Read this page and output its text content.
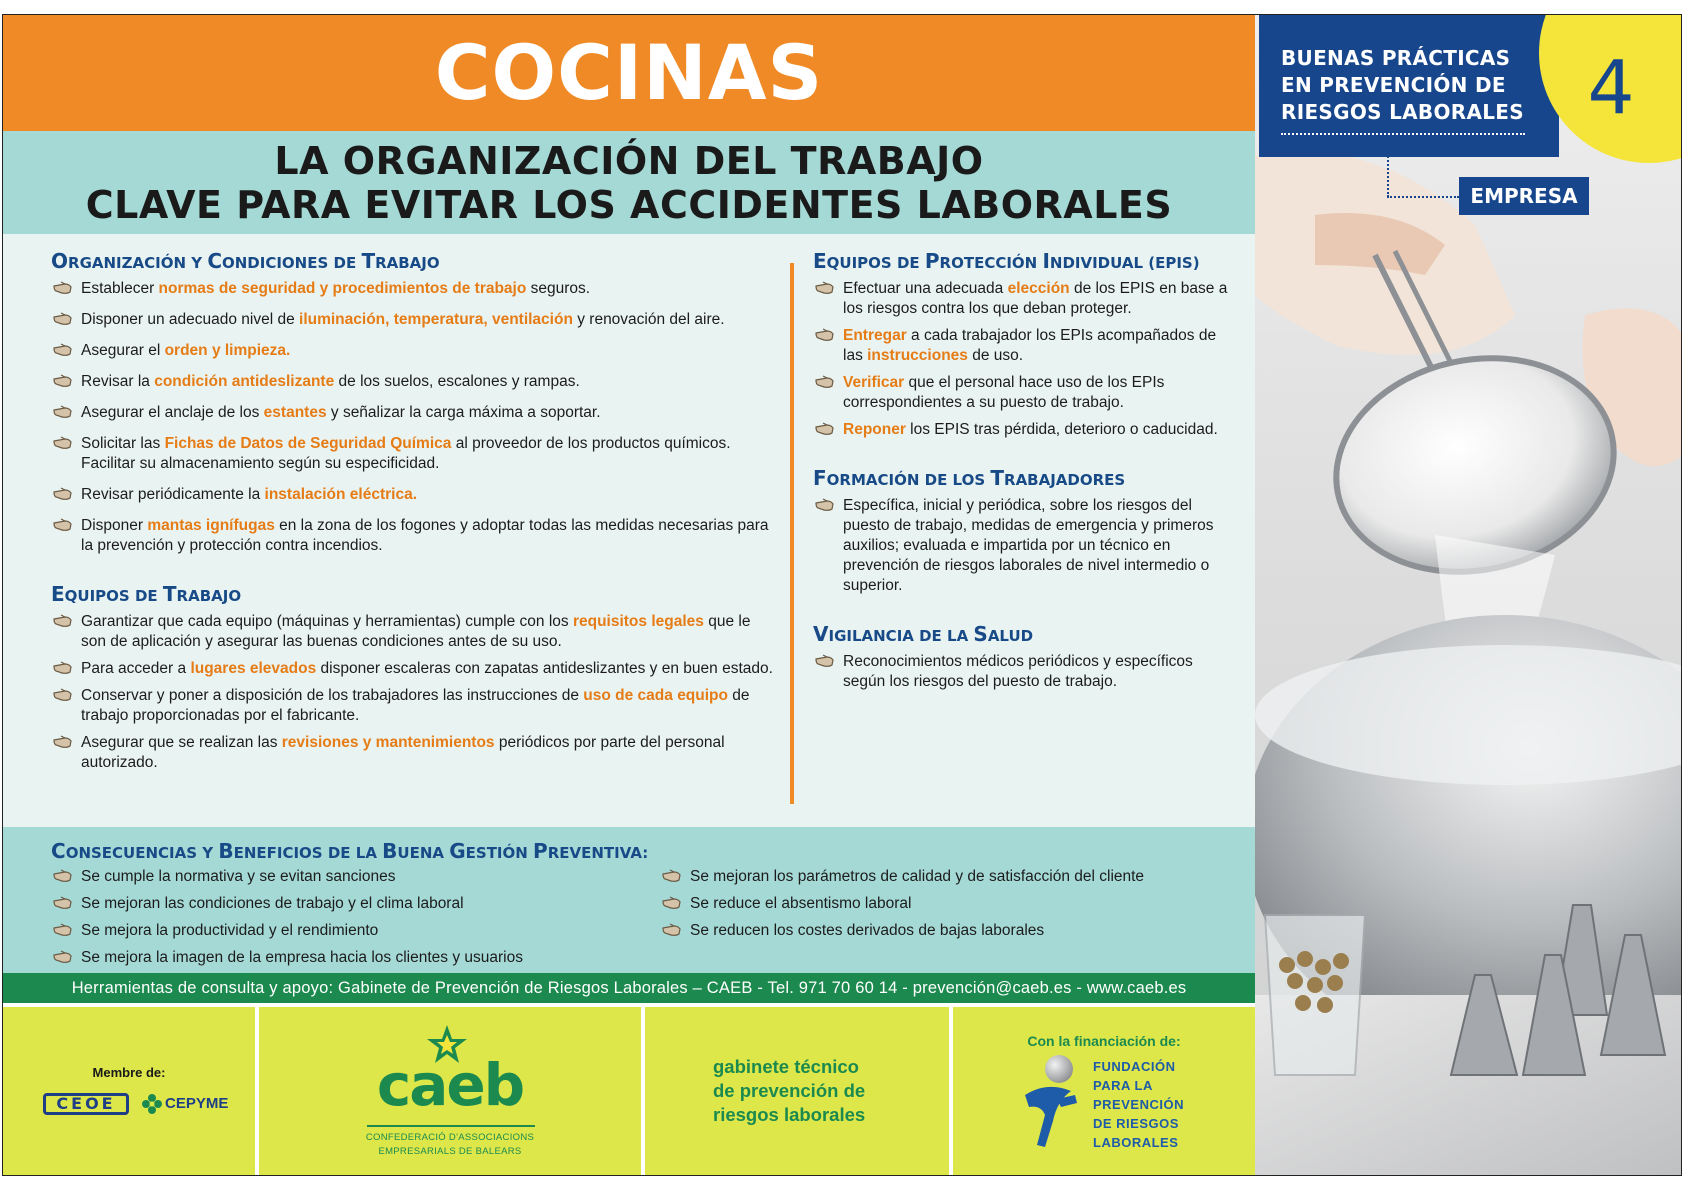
COCINAS
LA ORGANIZACIÓN DEL TRABAJO
CLAVE PARA EVITAR LOS ACCIDENTES LABORALES
ORGANIZACIÓN Y CONDICIONES DE TRABAJO
Establecer normas de seguridad y procedimientos de trabajo seguros.
Disponer un adecuado nivel de iluminación, temperatura, ventilación y renovación del aire.
Asegurar el orden y limpieza.
Revisar la condición antideslizante de los suelos, escalones y rampas.
Asegurar el anclaje de los estantes y señalizar la carga máxima a soportar.
Solicitar las Fichas de Datos de Seguridad Química al proveedor de los productos químicos. Facilitar su almacenamiento según su especificidad.
Revisar periódicamente la instalación eléctrica.
Disponer mantas ignífugas en la zona de los fogones y adoptar todas las medidas necesarias para la prevención y protección contra incendios.
EQUIPOS DE TRABAJO
Garantizar que cada equipo (máquinas y herramientas) cumple con los requisitos legales que le son de aplicación y asegurar las buenas condiciones antes de su uso.
Para acceder a lugares elevados disponer escaleras con zapatas antideslizantes y en buen estado.
Conservar y poner a disposición de los trabajadores las instrucciones de uso de cada equipo de trabajo proporcionadas por el fabricante.
Asegurar que se realizan las revisiones y mantenimientos periódicos por parte del personal autorizado.
EQUIPOS DE PROTECCIÓN INDIVIDUAL (EPIS)
Efectuar una adecuada elección de los EPIS en base a los riesgos contra los que deban proteger.
Entregar a cada trabajador los EPIs acompañados de las instrucciones de uso.
Verificar que el personal hace uso de los EPIs correspondientes a su puesto de trabajo.
Reponer los EPIS tras pérdida, deterioro o caducidad.
FORMACIÓN DE LOS TRABAJADORES
Específica, inicial y periódica, sobre los riesgos del puesto de trabajo, medidas de emergencia y primeros auxilios; evaluada e impartida por un técnico en prevención de riesgos laborales de nivel intermedio o superior.
VIGILANCIA DE LA SALUD
Reconocimientos médicos periódicos y específicos según los riesgos del puesto de trabajo.
CONSECUENCIAS Y BENEFICIOS DE LA BUENA GESTIÓN PREVENTIVA:
Se cumple la normativa y se evitan sanciones
Se mejoran las condiciones de trabajo y el clima laboral
Se mejora la productividad y el rendimiento
Se mejora la imagen de la empresa hacia los clientes y usuarios
Se mejoran los parámetros de calidad y de satisfacción del cliente
Se reduce el absentismo laboral
Se reducen los costes derivados de bajas laborales
Herramientas de consulta y apoyo: Gabinete de Prevención de Riesgos Laborales – CAEB - Tel. 971 70 60 14 - prevención@caeb.es - www.caeb.es
Membre de:
CEOE	CEPYME	caeb
CONFEDERACIÓ D'ASSOCIACIONS
EMPRESARIALS DE BALEARS
gabinete técnico
de prevención de
riesgos laborales
Con la financiación de:
FUNDACIÓN
PARA LA
PREVENCIÓN
DE RIESGOS
LABORALES
BUENAS PRÁCTICAS
EN PREVENCIÓN DE
RIESGOS LABORALES 4
EMPRESA
